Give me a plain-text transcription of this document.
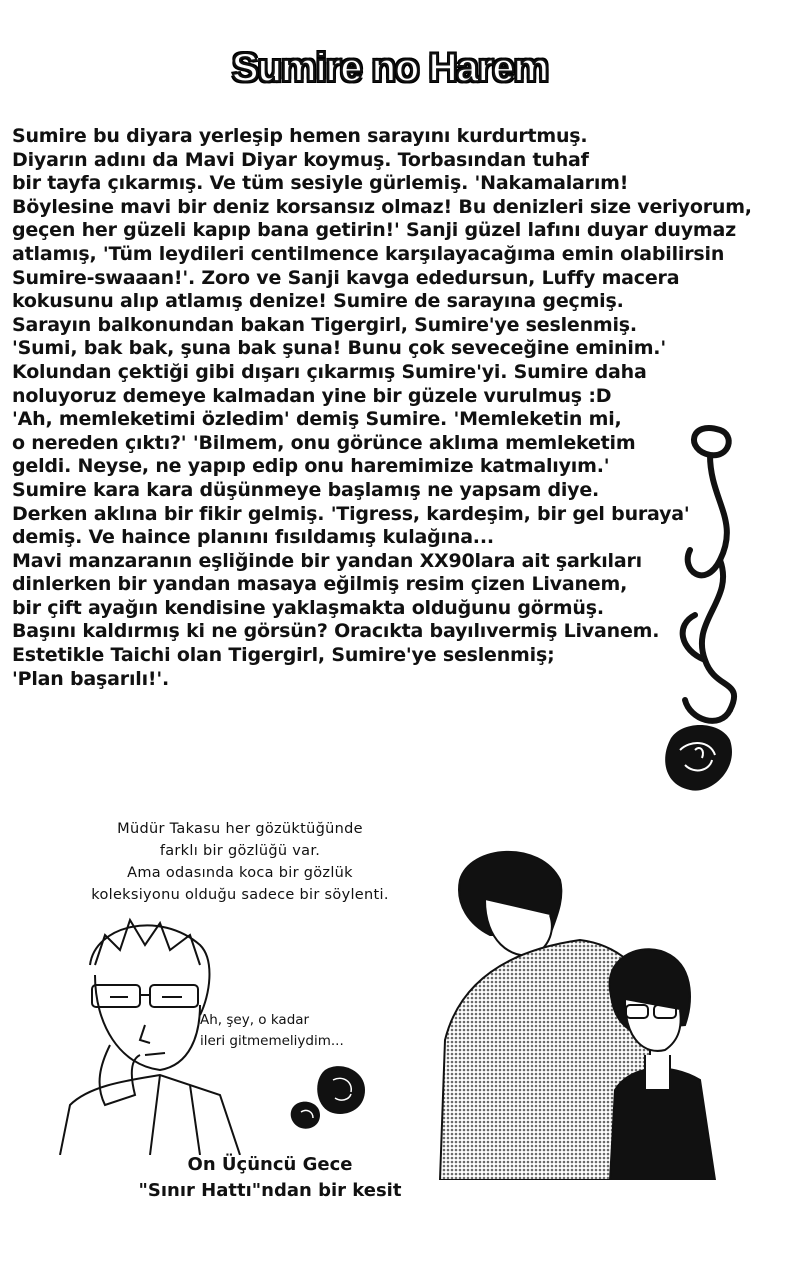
Sumire no Harem
Sumire bu diyara yerleşip hemen sarayını kurdurtmuş.
Diyarın adını da Mavi Diyar koymuş. Torbasından tuhaf
bir tayfa çıkarmış. Ve tüm sesiyle gürlemiş. 'Nakamalarım!
Böylesine mavi bir deniz korsansız olmaz! Bu denizleri size veriyorum,
geçen her güzeli kapıp bana getirin!' Sanji güzel lafını duyar duymaz
atlamış, 'Tüm leydileri centilmence karşılayacağıma emin olabilirsin
Sumire-swaaan!'. Zoro ve Sanji kavga ededursun, Luffy macera
kokusunu alıp atlamış denize! Sumire de sarayına geçmiş.
Sarayın balkonundan bakan Tigergirl, Sumire'ye seslenmiş.
'Sumi, bak bak, şuna bak şuna! Bunu çok seveceğine eminim.'
Kolundan çektiği gibi dışarı çıkarmış Sumire'yi. Sumire daha
noluyoruz demeye kalmadan yine bir güzele vurulmuş :D
'Ah, memleketimi özledim' demiş Sumire. 'Memleketin mi,
o nereden çıktı?' 'Bilmem, onu görünce aklıma memleketim
geldi. Neyse, ne yapıp edip onu haremimize katmalıyım.'
Sumire kara kara düşünmeye başlamış ne yapsam diye.
Derken aklına bir fikir gelmiş. 'Tigress, kardeşim, bir gel buraya'
demiş. Ve haince planını fısıldamış kulağına...
Mavi manzaranın eşliğinde bir yandan XX90lara ait şarkıları
dinlerken bir yandan masaya eğilmiş resim çizen Livanem,
bir çift ayağın kendisine yaklaşmakta olduğunu görmüş.
Başını kaldırmış ki ne görsün? Oracıkta bayılıvermiş Livanem.
Estetikle Taichi olan Tigergirl, Sumire'ye seslenmiş;
'Plan başarılı!'.
Müdür Takasu her gözüktüğünde
farklı bir gözlüğü var.
Ama odasında koca bir gözlük
koleksiyonu olduğu sadece bir söylenti.
Ah, şey, o kadar
ileri gitmemeliydim...
On Üçüncü Gece
"Sınır Hattı"ndan bir kesit
